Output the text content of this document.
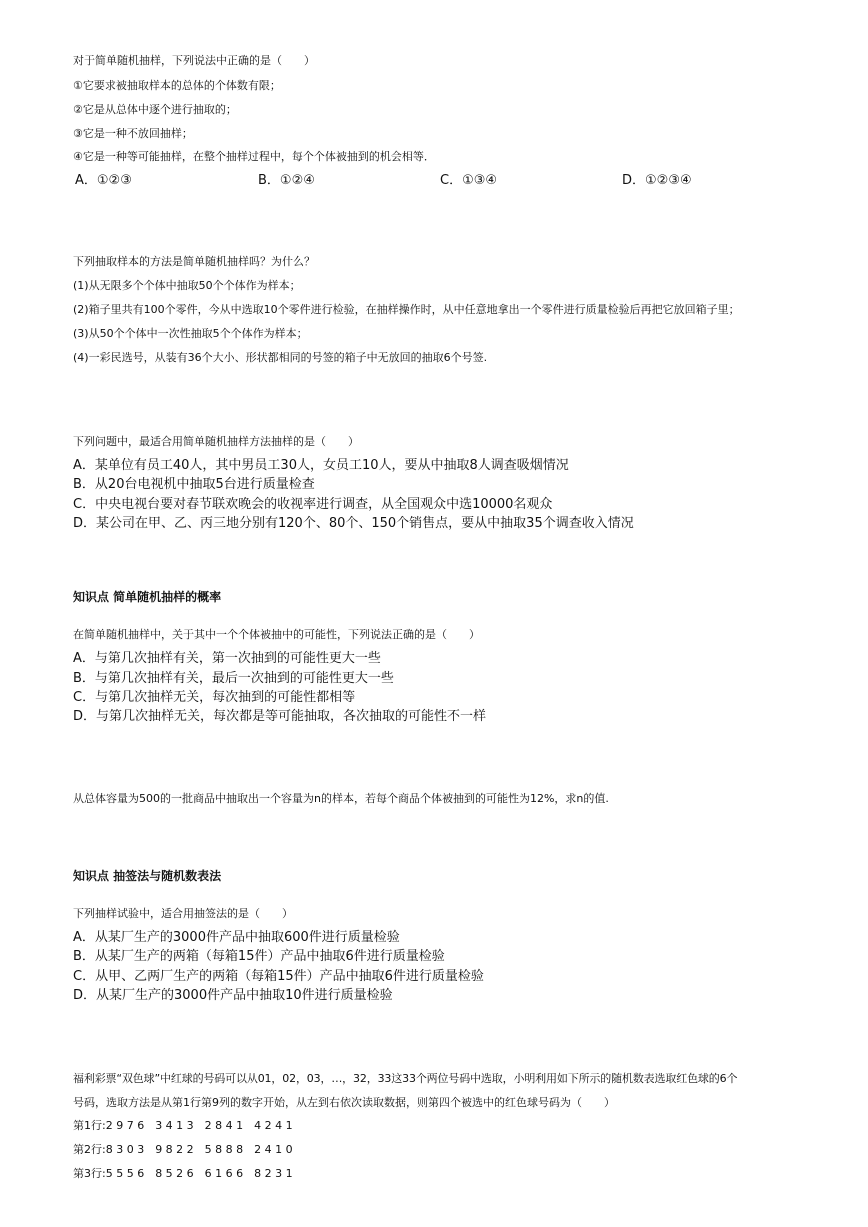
对于简单随机抽样，下列说法中正确的是（　　）
①它要求被抽取样本的总体的个体数有限；
②它是从总体中逐个进行抽取的；
③它是一种不放回抽样；
④它是一种等可能抽样，在整个抽样过程中，每个个体被抽到的机会相等．
A．①②③	B．①②④	C．①③④	D．①②③④
下列抽取样本的方法是简单随机抽样吗？为什么？
(1)从无限多个个体中抽取50个个体作为样本；
(2)箱子里共有100个零件，今从中选取10个零件进行检验，在抽样操作时，从中任意地拿出一个零件进行质量检验后再把它放回箱子里；
(3)从50个个体中一次性抽取5个个体作为样本；
(4)一彩民选号，从装有36个大小、形状都相同的号签的箱子中无放回的抽取6个号签.
下列问题中，最适合用简单随机抽样方法抽样的是（　　）
A．某单位有员工40人，其中男员工30人，女员工10人，要从中抽取8人调查吸烟情况
B．从20台电视机中抽取5台进行质量检查
C．中央电视台要对春节联欢晚会的收视率进行调查，从全国观众中选10000名观众
D．某公司在甲、乙、丙三地分别有120个、80个、150个销售点，要从中抽取35个调查收入情况
知识点 简单随机抽样的概率
在简单随机抽样中，关于其中一个个体被抽中的可能性，下列说法正确的是（　　）
A．与第几次抽样有关，第一次抽到的可能性更大一些
B．与第几次抽样有关，最后一次抽到的可能性更大一些
C．与第几次抽样无关，每次抽到的可能性都相等
D．与第几次抽样无关，每次都是等可能抽取，各次抽取的可能性不一样
从总体容量为500的一批商品中抽取出一个容量为n的样本，若每个商品个体被抽到的可能性为12%，求n的值.
知识点 抽签法与随机数表法
下列抽样试验中，适合用抽签法的是（　　）
A．从某厂生产的3000件产品中抽取600件进行质量检验
B．从某厂生产的两箱（每箱15件）产品中抽取6件进行质量检验
C．从甲、乙两厂生产的两箱（每箱15件）产品中抽取6件进行质量检验
D．从某厂生产的3000件产品中抽取10件进行质量检验
福利彩票“双色球”中红球的号码可以从01，02，03，…，32，33这33个两位号码中选取，小明利用如下所示的随机数表选取红色球的6个
号码，选取方法是从第1行第9列的数字开始，从左到右依次读取数据，则第四个被选中的红色球号码为（　　）
第1行:2 9 7 6　3 4 1 3　2 8 4 1　4 2 4 1
第2行:8 3 0 3　9 8 2 2　5 8 8 8　2 4 1 0
第3行:5 5 5 6　8 5 2 6　6 1 6 6　8 2 3 1
